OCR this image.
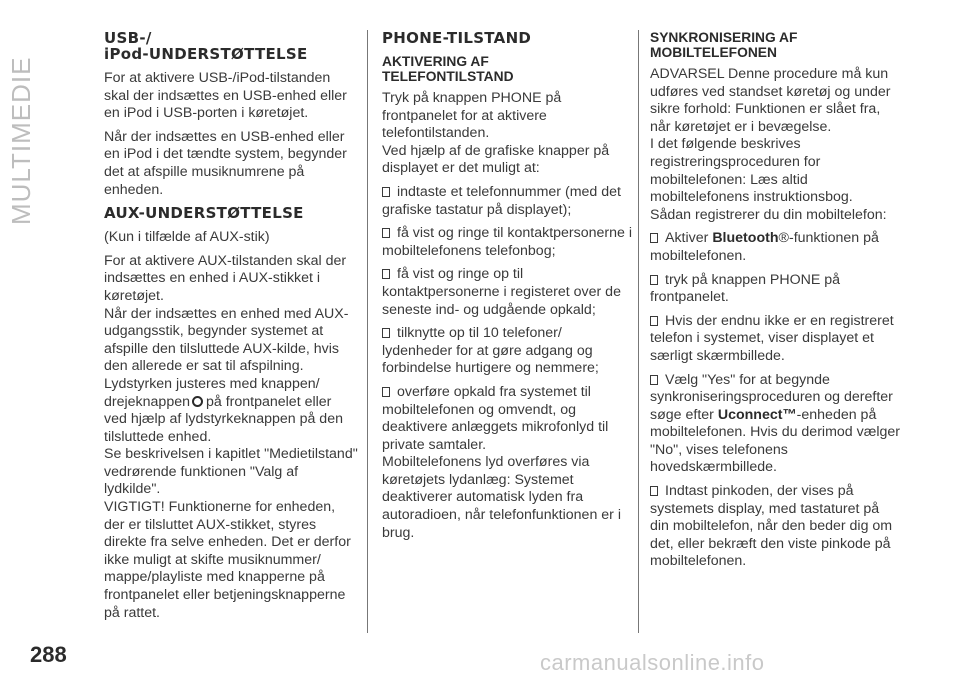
MULTIMEDIE
288
USB-/
iPod-UNDERSTØTTELSE

For at aktivere USB-/iPod-tilstanden skal der indsættes en USB-enhed eller en iPod i USB-porten i køretøjet.

Når der indsættes en USB-enhed eller en iPod i det tændte system, begynder det at afspille musiknumrene på enheden.

AUX-UNDERSTØTTELSE

(Kun i tilfælde af AUX-stik)

For at aktivere AUX-tilstanden skal der indsættes en enhed i AUX-stikket i køretøjet.

Når der indsættes en enhed med AUX-udgangsstik, begynder systemet at afspille den tilsluttede AUX-kilde, hvis den allerede er sat til afspilning.

Lydstyrken justeres med knappen/ drejeknappen på frontpanelet eller ved hjælp af lydstyrkeknappen på den tilsluttede enhed.

Se beskrivelsen i kapitlet "Medietilstand" vedrørende funktionen "Valg af lydkilde".

VIGTIGT! Funktionerne for enheden, der er tilsluttet AUX-stikket, styres direkte fra selve enheden. Det er derfor ikke muligt at skifte musiknummer/ mappe/playliste med knapperne på frontpanelet eller betjeningsknapperne på rattet.

PHONE-TILSTAND
AKTIVERING AF
TELEFONTILSTAND

Tryk på knappen PHONE på frontpanelet for at aktivere telefontilstanden.

Ved hjælp af de grafiske knapper på displayet er det muligt at:

indtaste et telefonnummer (med det grafiske tastatur på displayet);

få vist og ringe til kontaktpersonerne i mobiltelefonens telefonbog;

få vist og ringe op til kontaktpersonerne i registeret over de seneste ind- og udgående opkald;

tilknytte op til 10 telefoner/ lydenheder for at gøre adgang og forbindelse hurtigere og nemmere;

overføre opkald fra systemet til mobiltelefonen og omvendt, og deaktivere anlæggets mikrofonlyd til private samtaler.

Mobiltelefonens lyd overføres via køretøjets lydanlæg: Systemet deaktiverer automatisk lyden fra autoradioen, når telefonfunktionen er i brug.

SYNKRONISERING AF
MOBILTELEFONEN

ADVARSEL Denne procedure må kun udføres ved standset køretøj og under sikre forhold: Funktionen er slået fra, når køretøjet er i bevægelse.

I det følgende beskrives registreringsproceduren for mobiltelefonen: Læs altid mobiltelefonens instruktionsbog.

Sådan registrerer du din mobiltelefon:

Aktiver Bluetooth®-funktionen på mobiltelefonen.

tryk på knappen PHONE på frontpanelet.

Hvis der endnu ikke er en registreret telefon i systemet, viser displayet et særligt skærmbillede.

Vælg "Yes" for at begynde synkroniseringsproceduren og derefter søge efter Uconnect™-enheden på mobiltelefonen. Hvis du derimod vælger "No", vises telefonens hovedskærmbillede.

Indtast pinkoden, der vises på systemets display, med tastaturet på din mobiltelefon, når den beder dig om det, eller bekræft den viste pinkode på mobiltelefonen.

carmanualsonline.info
